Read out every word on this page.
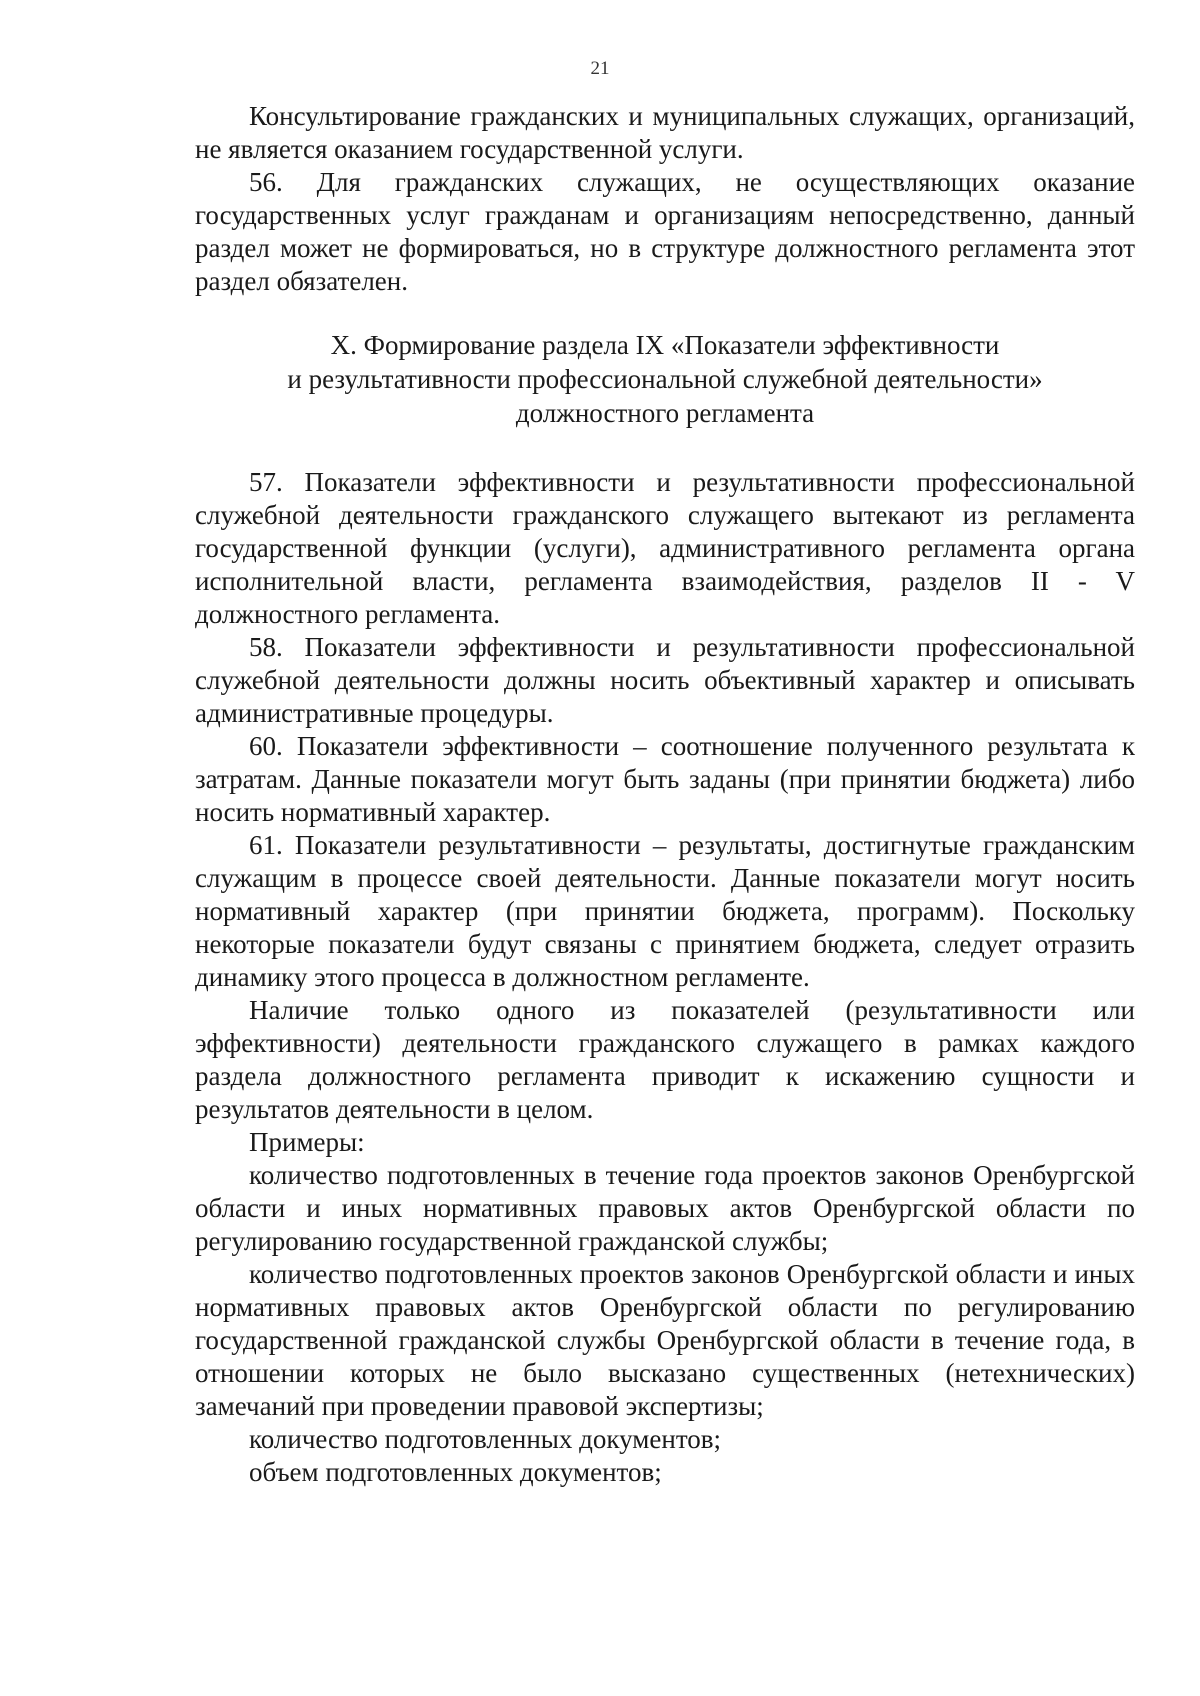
21

Консультирование гражданских и муниципальных служащих, организаций, не является оказанием государственной услуги.

56. Для гражданских служащих, не осуществляющих оказание государственных услуг гражданам и организациям непосредственно, данный раздел может не формироваться, но в структуре должностного регламента этот раздел обязателен.

X. Формирование раздела IX «Показатели эффективности
и результативности профессиональной служебной деятельности»
должностного регламента

57. Показатели эффективности и результативности профессиональной служебной деятельности гражданского служащего вытекают из регламента государственной функции (услуги), административного регламента органа исполнительной власти, регламента взаимодействия, разделов II - V должностного регламента.

58. Показатели эффективности и результативности профессиональной служебной деятельности должны носить объективный характер и описывать административные процедуры.

60. Показатели эффективности – соотношение полученного результата к затратам. Данные показатели могут быть заданы (при принятии бюджета) либо носить нормативный характер.

61. Показатели результативности – результаты, достигнутые гражданским служащим в процессе своей деятельности. Данные показатели могут носить нормативный характер (при принятии бюджета, программ). Поскольку некоторые показатели будут связаны с принятием бюджета, следует отразить динамику этого процесса в должностном регламенте.

Наличие только одного из показателей (результативности или эффективности) деятельности гражданского служащего в рамках каждого раздела должностного регламента приводит к искажению сущности и результатов деятельности в целом.

Примеры:

количество подготовленных в течение года проектов законов Оренбургской области и иных нормативных правовых актов Оренбургской области по регулированию государственной гражданской службы;

количество подготовленных проектов законов Оренбургской области и иных нормативных правовых актов Оренбургской области по регулированию государственной гражданской службы Оренбургской области в течение года, в отношении которых не было высказано существенных (нетехнических) замечаний при проведении правовой экспертизы;

количество подготовленных документов;

объем подготовленных документов;
